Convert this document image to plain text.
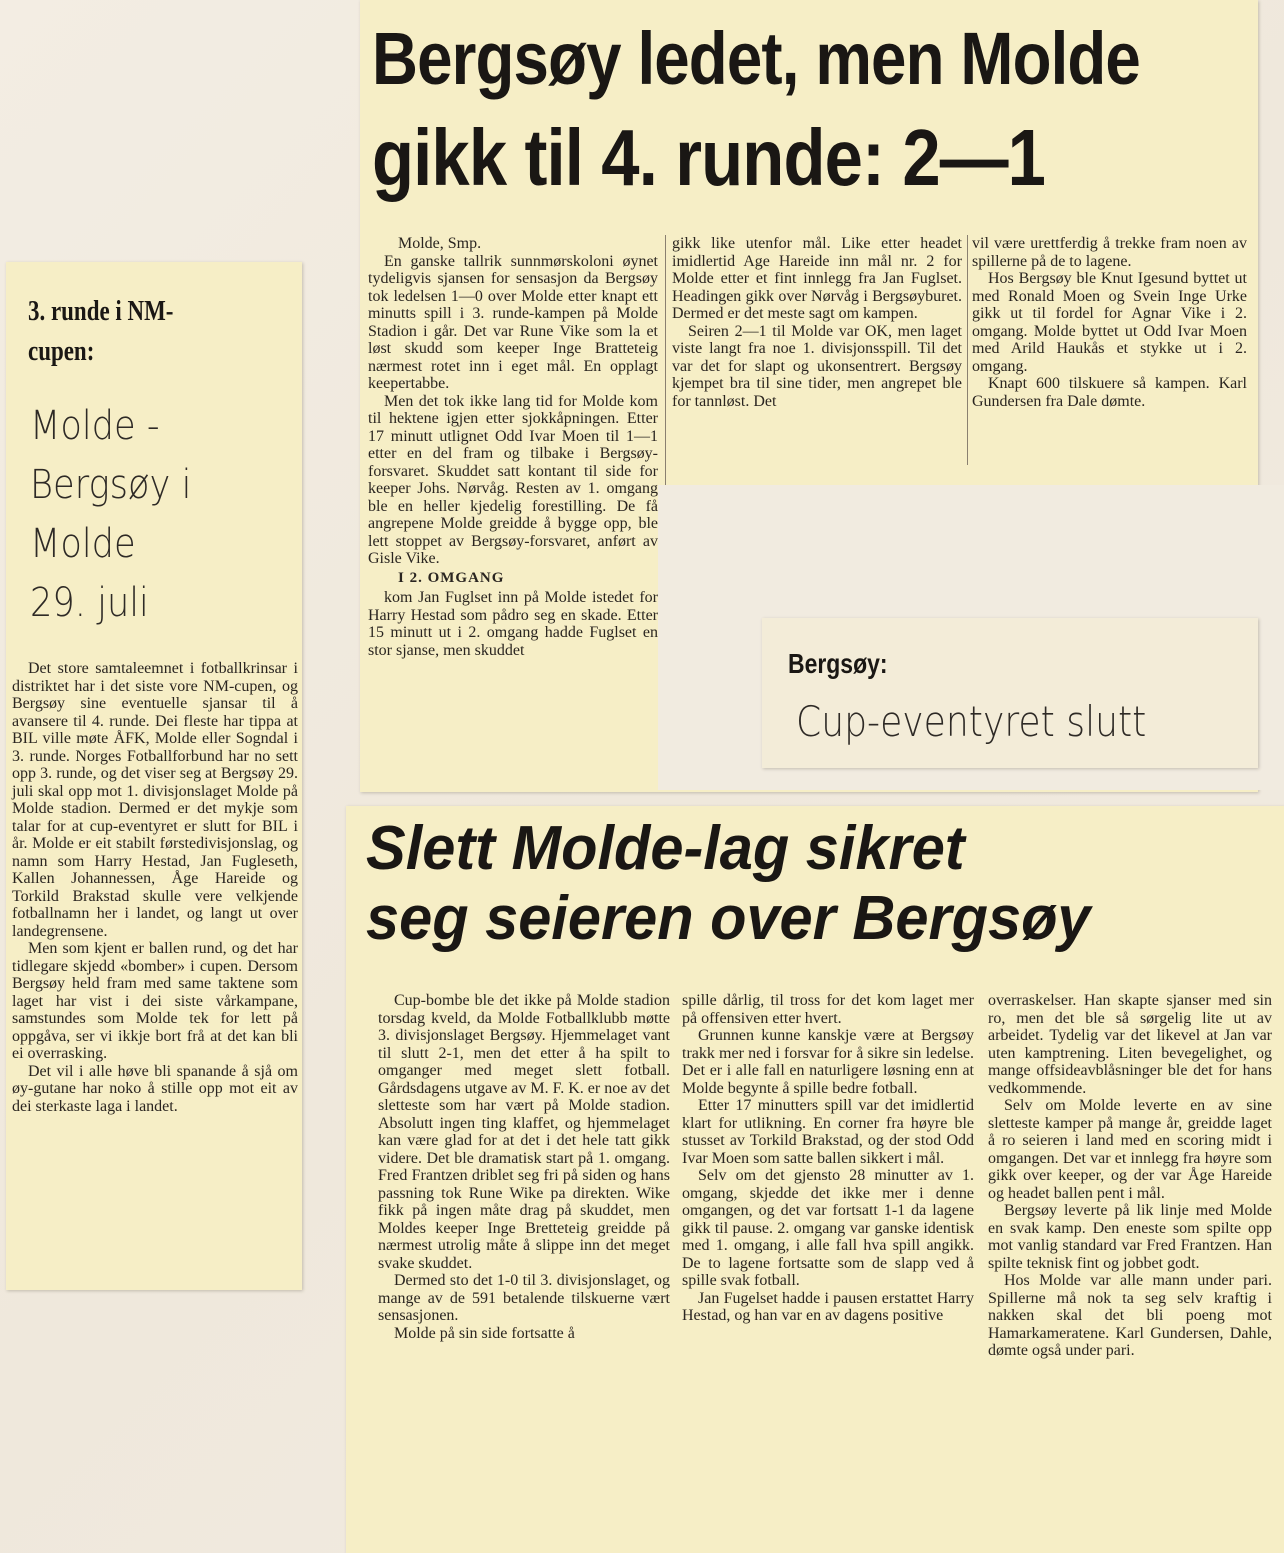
Bergsøy ledet, men Molde
gikk til 4. runde: 2—1

Molde, Smp.

En ganske tallrik sunnmørskoloni øynet tydeligvis sjansen for sensasjon da Bergsøy tok ledelsen 1—0 over Molde etter knapt ett minutts spill i 3. runde-kampen på Molde Stadion i går. Det var Rune Vike som la et løst skudd som keeper Inge Bratteteig nærmest rotet inn i eget mål. En opplagt keepertabbe.

Men det tok ikke lang tid for Molde kom til hektene igjen etter sjokkåpningen. Etter 17 minutt utlignet Odd Ivar Moen til 1—1 etter en del fram og tilbake i Bergsøy-forsvaret. Skuddet satt kontant til side for keeper Johs. Nørvåg. Resten av 1. omgang ble en heller kjedelig forestilling. De få angrepene Molde greidde å bygge opp, ble lett stoppet av Bergsøy-forsvaret, anført av Gisle Vike.

I 2. OMGANG

kom Jan Fuglset inn på Molde istedet for Harry Hestad som pådro seg en skade. Etter 15 minutt ut i 2. omgang hadde Fuglset en stor sjanse, men skuddet

gikk like utenfor mål. Like etter headet imidlertid Age Hareide inn mål nr. 2 for Molde etter et fint innlegg fra Jan Fuglset. Headingen gikk over Nørvåg i Bergsøyburet. Dermed er det meste sagt om kampen.

Seiren 2—1 til Molde var OK, men laget viste langt fra noe 1. divisjonsspill. Til det var det for slapt og ukonsentrert. Bergsøy kjempet bra til sine tider, men angrepet ble for tannløst. Det

vil være urettferdig å trekke fram noen av spillerne på de to lagene.

Hos Bergsøy ble Knut Igesund byttet ut med Ronald Moen og Svein Inge Urke gikk ut til fordel for Agnar Vike i 2. omgang. Molde byttet ut Odd Ivar Moen med Arild Haukås et stykke ut i 2. omgang.

Knapt 600 tilskuere så kampen. Karl Gundersen fra Dale dømte.

3. runde i NM-
cupen:
Molde -
Bergsøy i
Molde
29. juli

Det store samtaleemnet i fotballkrinsar i distriktet har i det siste vore NM-cupen, og Bergsøy sine eventuelle sjansar til å avansere til 4. runde. Dei fleste har tippa at BIL ville møte ÅFK, Molde eller Sogndal i 3. runde. Norges Fotballforbund har no sett opp 3. runde, og det viser seg at Bergsøy 29. juli skal opp mot 1. divisjonslaget Molde på Molde stadion. Dermed er det mykje som talar for at cup-eventyret er slutt for BIL i år. Molde er eit stabilt førstedivisjonslag, og namn som Harry Hestad, Jan Fugleseth, Kallen Johannessen, Åge Hareide og Torkild Brakstad skulle vere velkjende fotballnamn her i landet, og langt ut over landegrensene.

Men som kjent er ballen rund, og det har tidlegare skjedd «bomber» i cupen. Dersom Bergsøy held fram med same taktene som laget har vist i dei siste vårkampane, samstundes som Molde tek for lett på oppgåva, ser vi ikkje bort frå at det kan bli ei overrasking.

Det vil i alle høve bli spanande å sjå om øy-gutane har noko å stille opp mot eit av dei sterkaste laga i landet.

Bergsøy:
Cup-eventyret slutt
Slett Molde-lag sikret
seg seieren over Bergsøy

Cup-bombe ble det ikke på Molde stadion torsdag kveld, da Molde Fotballklubb møtte 3. divisjonslaget Bergsøy. Hjemmelaget vant til slutt 2-1, men det etter å ha spilt to omganger med meget slett fotball. Gårdsdagens utgave av M. F. K. er noe av det sletteste som har vært på Molde stadion. Absolutt ingen ting klaffet, og hjemmelaget kan være glad for at det i det hele tatt gikk videre. Det ble dramatisk start på 1. omgang. Fred Frantzen driblet seg fri på siden og hans passning tok Rune Wike pa direkten. Wike fikk på ingen måte drag på skuddet, men Moldes keeper Inge Bretteteig greidde på nærmest utrolig måte å slippe inn det meget svake skuddet.

Dermed sto det 1-0 til 3. divisjonslaget, og mange av de 591 betalende tilskuerne vært sensasjonen.

Molde på sin side fortsatte å

spille dårlig, til tross for det kom laget mer på offensiven etter hvert.

Grunnen kunne kanskje være at Bergsøy trakk mer ned i forsvar for å sikre sin ledelse. Det er i alle fall en naturligere løsning enn at Molde begynte å spille bedre fotball.

Etter 17 minutters spill var det imidlertid klart for utlikning. En corner fra høyre ble stusset av Torkild Brakstad, og der stod Odd Ivar Moen som satte ballen sikkert i mål.

Selv om det gjensto 28 minutter av 1. omgang, skjedde det ikke mer i denne omgangen, og det var fortsatt 1-1 da lagene gikk til pause. 2. omgang var ganske identisk med 1. omgang, i alle fall hva spill angikk. De to lagene fortsatte som de slapp ved å spille svak fotball.

Jan Fugelset hadde i pausen erstattet Harry Hestad, og han var en av dagens positive

overraskelser. Han skapte sjanser med sin ro, men det ble så sørgelig lite ut av arbeidet. Tydelig var det likevel at Jan var uten kamptrening. Liten bevegelighet, og mange offsideavblåsninger ble det for hans vedkommende.

Selv om Molde leverte en av sine sletteste kamper på mange år, greidde laget å ro seieren i land med en scoring midt i omgangen. Det var et innlegg fra høyre som gikk over keeper, og der var Åge Hareide og headet ballen pent i mål.

Bergsøy leverte på lik linje med Molde en svak kamp. Den eneste som spilte opp mot vanlig standard var Fred Frantzen. Han spilte teknisk fint og jobbet godt.

Hos Molde var alle mann under pari. Spillerne må nok ta seg selv kraftig i nakken skal det bli poeng mot Hamarkameratene. Karl Gundersen, Dahle, dømte også under pari.
